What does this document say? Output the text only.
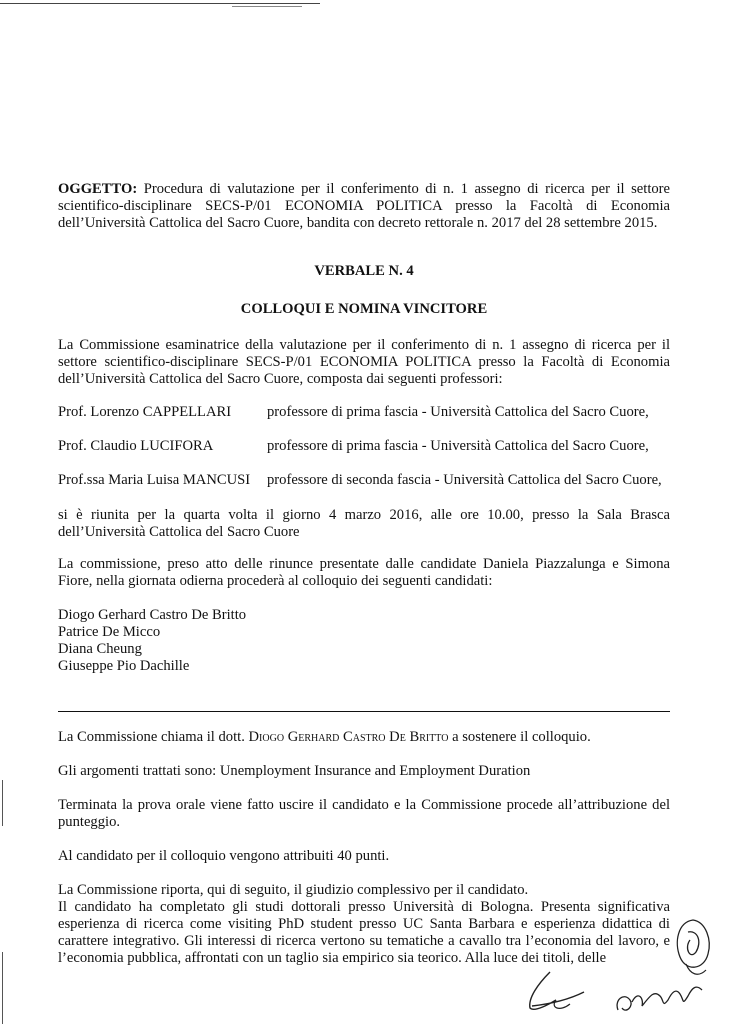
OGGETTO: Procedura di valutazione per il conferimento di n. 1 assegno di ricerca per il settore scientifico-disciplinare SECS-P/01 ECONOMIA POLITICA presso la Facoltà di Economia dell’Università Cattolica del Sacro Cuore, bandita con decreto rettorale n. 2017 del 28 settembre 2015.
VERBALE N. 4
COLLOQUI E NOMINA VINCITORE
La Commissione esaminatrice della valutazione per il conferimento di n. 1 assegno di ricerca per il settore scientifico-disciplinare SECS-P/01 ECONOMIA POLITICA presso la Facoltà di Economia dell’Università Cattolica del Sacro Cuore, composta dai seguenti professori:
Prof. Lorenzo CAPPELLARI professore di prima fascia - Università Cattolica del Sacro Cuore,
Prof. Claudio LUCIFORA	professore di prima fascia - Università Cattolica del Sacro Cuore,
Prof.ssa Maria Luisa MANCUSI professore di seconda fascia - Università Cattolica del Sacro Cuore,
si è riunita per la quarta volta il giorno 4 marzo 2016, alle ore 10.00, presso la Sala Brasca dell’Università Cattolica del Sacro Cuore
La commissione, preso atto delle rinunce presentate dalle candidate Daniela Piazzalunga e Simona Fiore, nella giornata odierna procederà al colloquio dei seguenti candidati:
Diogo Gerhard Castro De Britto
Patrice De Micco
Diana Cheung
Giuseppe Pio Dachille
La Commissione chiama il dott. Diogo Gerhard Castro De Britto a sostenere il colloquio.
Gli argomenti trattati sono: Unemployment Insurance and Employment Duration
Terminata la prova orale viene fatto uscire il candidato e la Commissione procede all’attribuzione del punteggio.
Al candidato per il colloquio vengono attribuiti 40 punti.
La Commissione riporta, qui di seguito, il giudizio complessivo per il candidato.
Il candidato ha completato gli studi dottorali presso Università di Bologna. Presenta significativa esperienza di ricerca come visiting PhD student presso UC Santa Barbara e esperienza didattica di carattere integrativo. Gli interessi di ricerca vertono su tematiche a cavallo tra l’economia del lavoro, e l’economia pubblica, affrontati con un taglio sia empirico sia teorico. Alla luce dei titoli, delle
